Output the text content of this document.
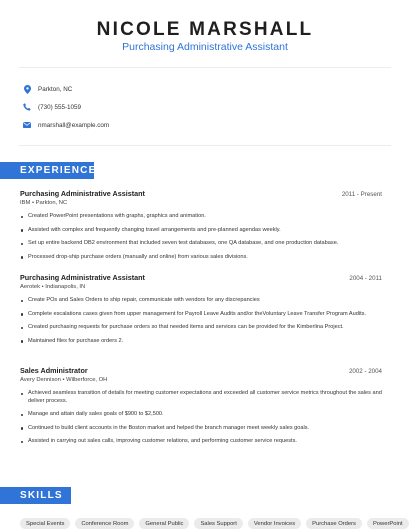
NICOLE MARSHALL
Purchasing Administrative Assistant
Parkton, NC
(730) 555-1059
nmarshall@example.com
EXPERIENCE
Purchasing Administrative Assistant	2011 - Present
IBM • Parkton, NC
Created PowerPoint presentations with graphs, graphics and animation.
Assisted with complex and frequently changing travel arrangements and pre-planned agendas weekly.
Set up entire backend DB2 environment that included seven test databases, one QA database, and one production database.
Processed drop-ship purchase orders (manually and online) from various sales divisions.
Purchasing Administrative Assistant	2004 - 2011
Aerotek • Indianapolis, IN
Create POs and Sales Orders to ship repair, communicate with vendors for any discrepancies
Complete escalations cases given from upper management for Payroll Leave Audits and/or theVoluntary Leave Transfer Program Audits.
Created purchasing requests for purchase orders so that needed items and services can be provided for the Kimberlina Project.
Maintained files for purchase orders 2.
Sales Administrator	2002 - 2004
Avery Dennison • Wilberforce, OH
Achieved seamless transition of details for meeting customer expectations and exceeded all customer service metrics throughout the sales and deliver process.
Manage and attain daily sales goals of $900 to $2,500.
Continued to build client accounts in the Boston market and helped the branch manager meet weekly sales goals.
Assisted in carrying out sales calls, improving customer relations, and performing customer service requests.
SKILLS
Special Events	Conference Room	General Public	Sales Support	Vendor Invoices	Purchase Orders	PowerPoint
